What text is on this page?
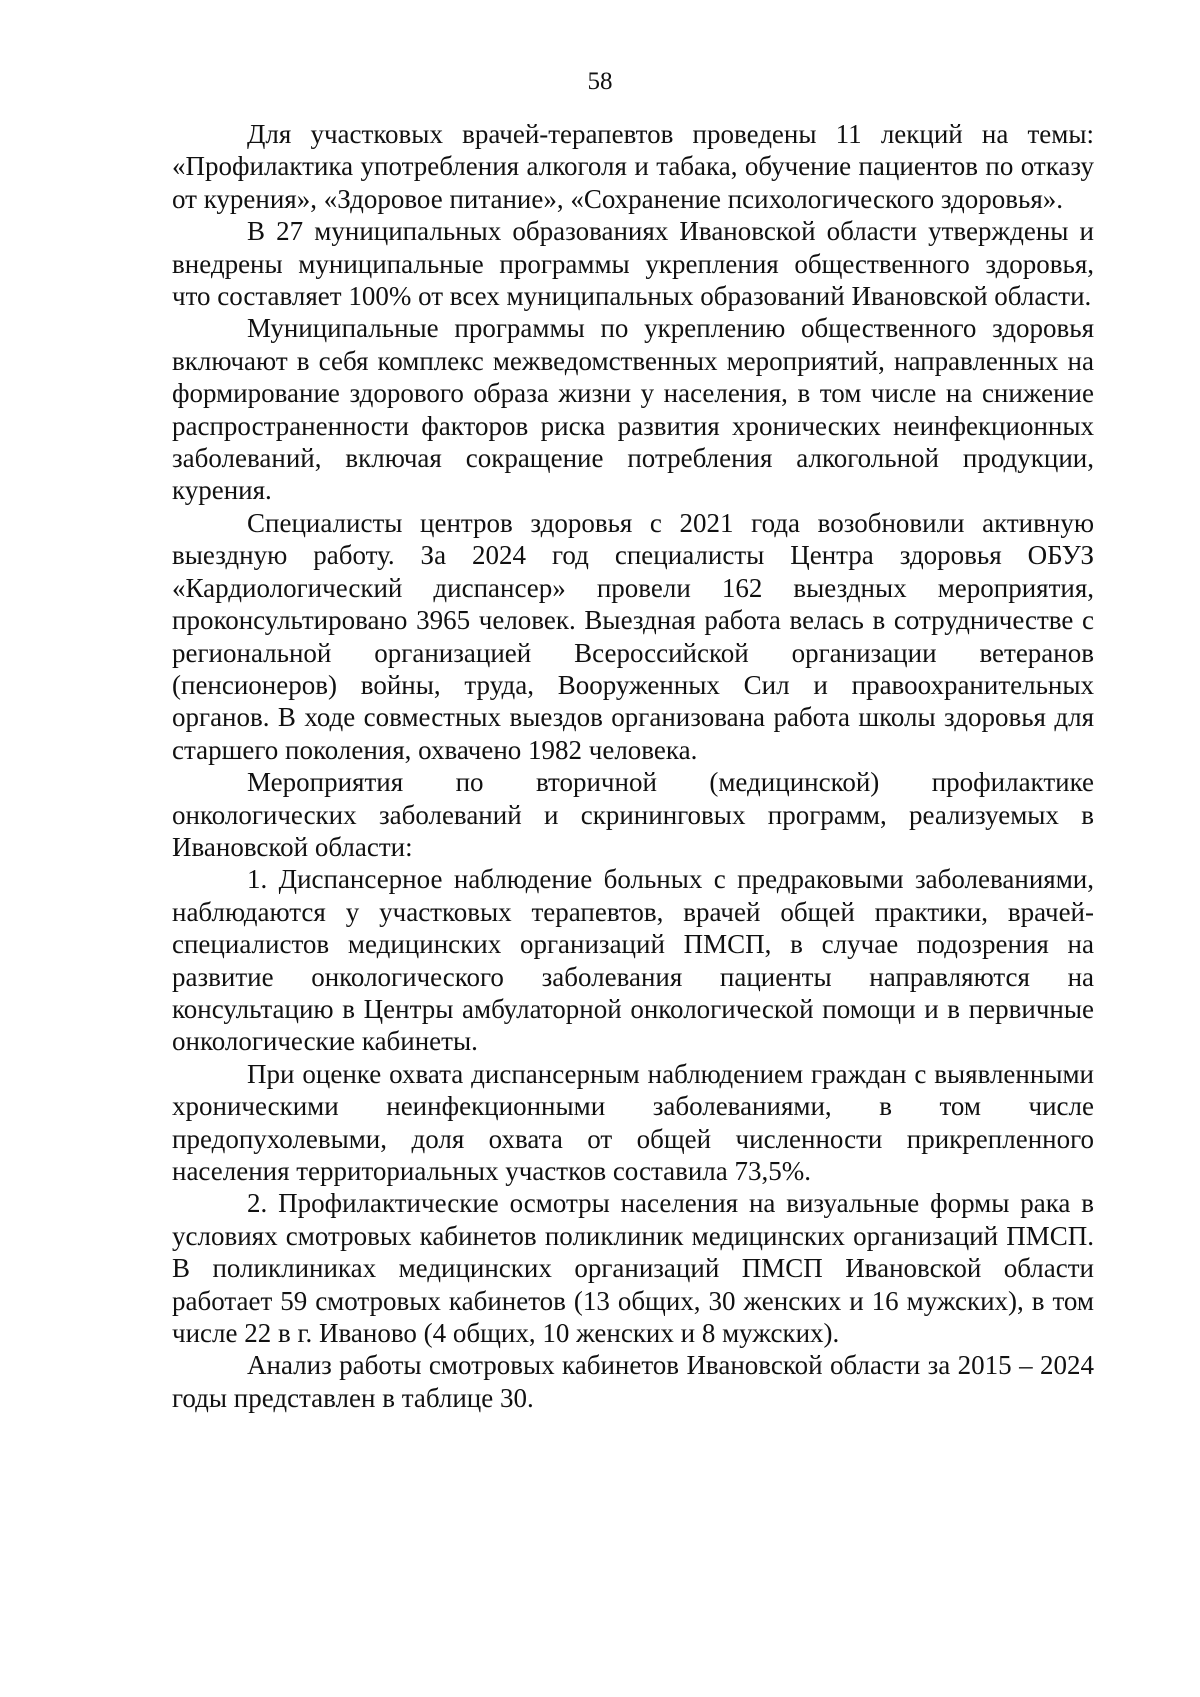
58

Для участковых врачей-терапевтов проведены 11 лекций на темы: «Профилактика употребления алкоголя и табака, обучение пациентов по отказу от курения», «Здоровое питание», «Сохранение психологического здоровья».

В 27 муниципальных образованиях Ивановской области утверждены и внедрены муниципальные программы укрепления общественного здоровья, что составляет 100% от всех муниципальных образований Ивановской области.

Муниципальные программы по укреплению общественного здоровья включают в себя комплекс межведомственных мероприятий, направленных на формирование здорового образа жизни у населения, в том числе на снижение распространенности факторов риска развития хронических неинфекционных заболеваний, включая сокращение потребления алкогольной продукции, курения.

Специалисты центров здоровья с 2021 года возобновили активную выездную работу. За 2024 год специалисты Центра здоровья ОБУЗ «Кардиологический диспансер» провели 162 выездных мероприятия, проконсультировано 3965 человек. Выездная работа велась в сотрудничестве с региональной организацией Всероссийской организации ветеранов (пенсионеров) войны, труда, Вооруженных Сил и правоохранительных органов. В ходе совместных выездов организована работа школы здоровья для старшего поколения, охвачено 1982 человека.

Мероприятия по вторичной (медицинской) профилактике онкологических заболеваний и скрининговых программ, реализуемых в Ивановской области:

1. Диспансерное наблюдение больных с предраковыми заболеваниями, наблюдаются у участковых терапевтов, врачей общей практики, врачей-специалистов медицинских организаций ПМСП, в случае подозрения на развитие онкологического заболевания пациенты направляются на консультацию в Центры амбулаторной онкологической помощи и в первичные онкологические кабинеты.

При оценке охвата диспансерным наблюдением граждан с выявленными хроническими неинфекционными заболеваниями, в том числе предопухолевыми, доля охвата от общей численности прикрепленного населения территориальных участков составила 73,5%.

2. Профилактические осмотры населения на визуальные формы рака в условиях смотровых кабинетов поликлиник медицинских организаций ПМСП. В поликлиниках медицинских организаций ПМСП Ивановской области работает 59 смотровых кабинетов (13 общих, 30 женских и 16 мужских), в том числе 22 в г. Иваново (4 общих, 10 женских и 8 мужских).

Анализ работы смотровых кабинетов Ивановской области за 2015 – 2024 годы представлен в таблице 30.
